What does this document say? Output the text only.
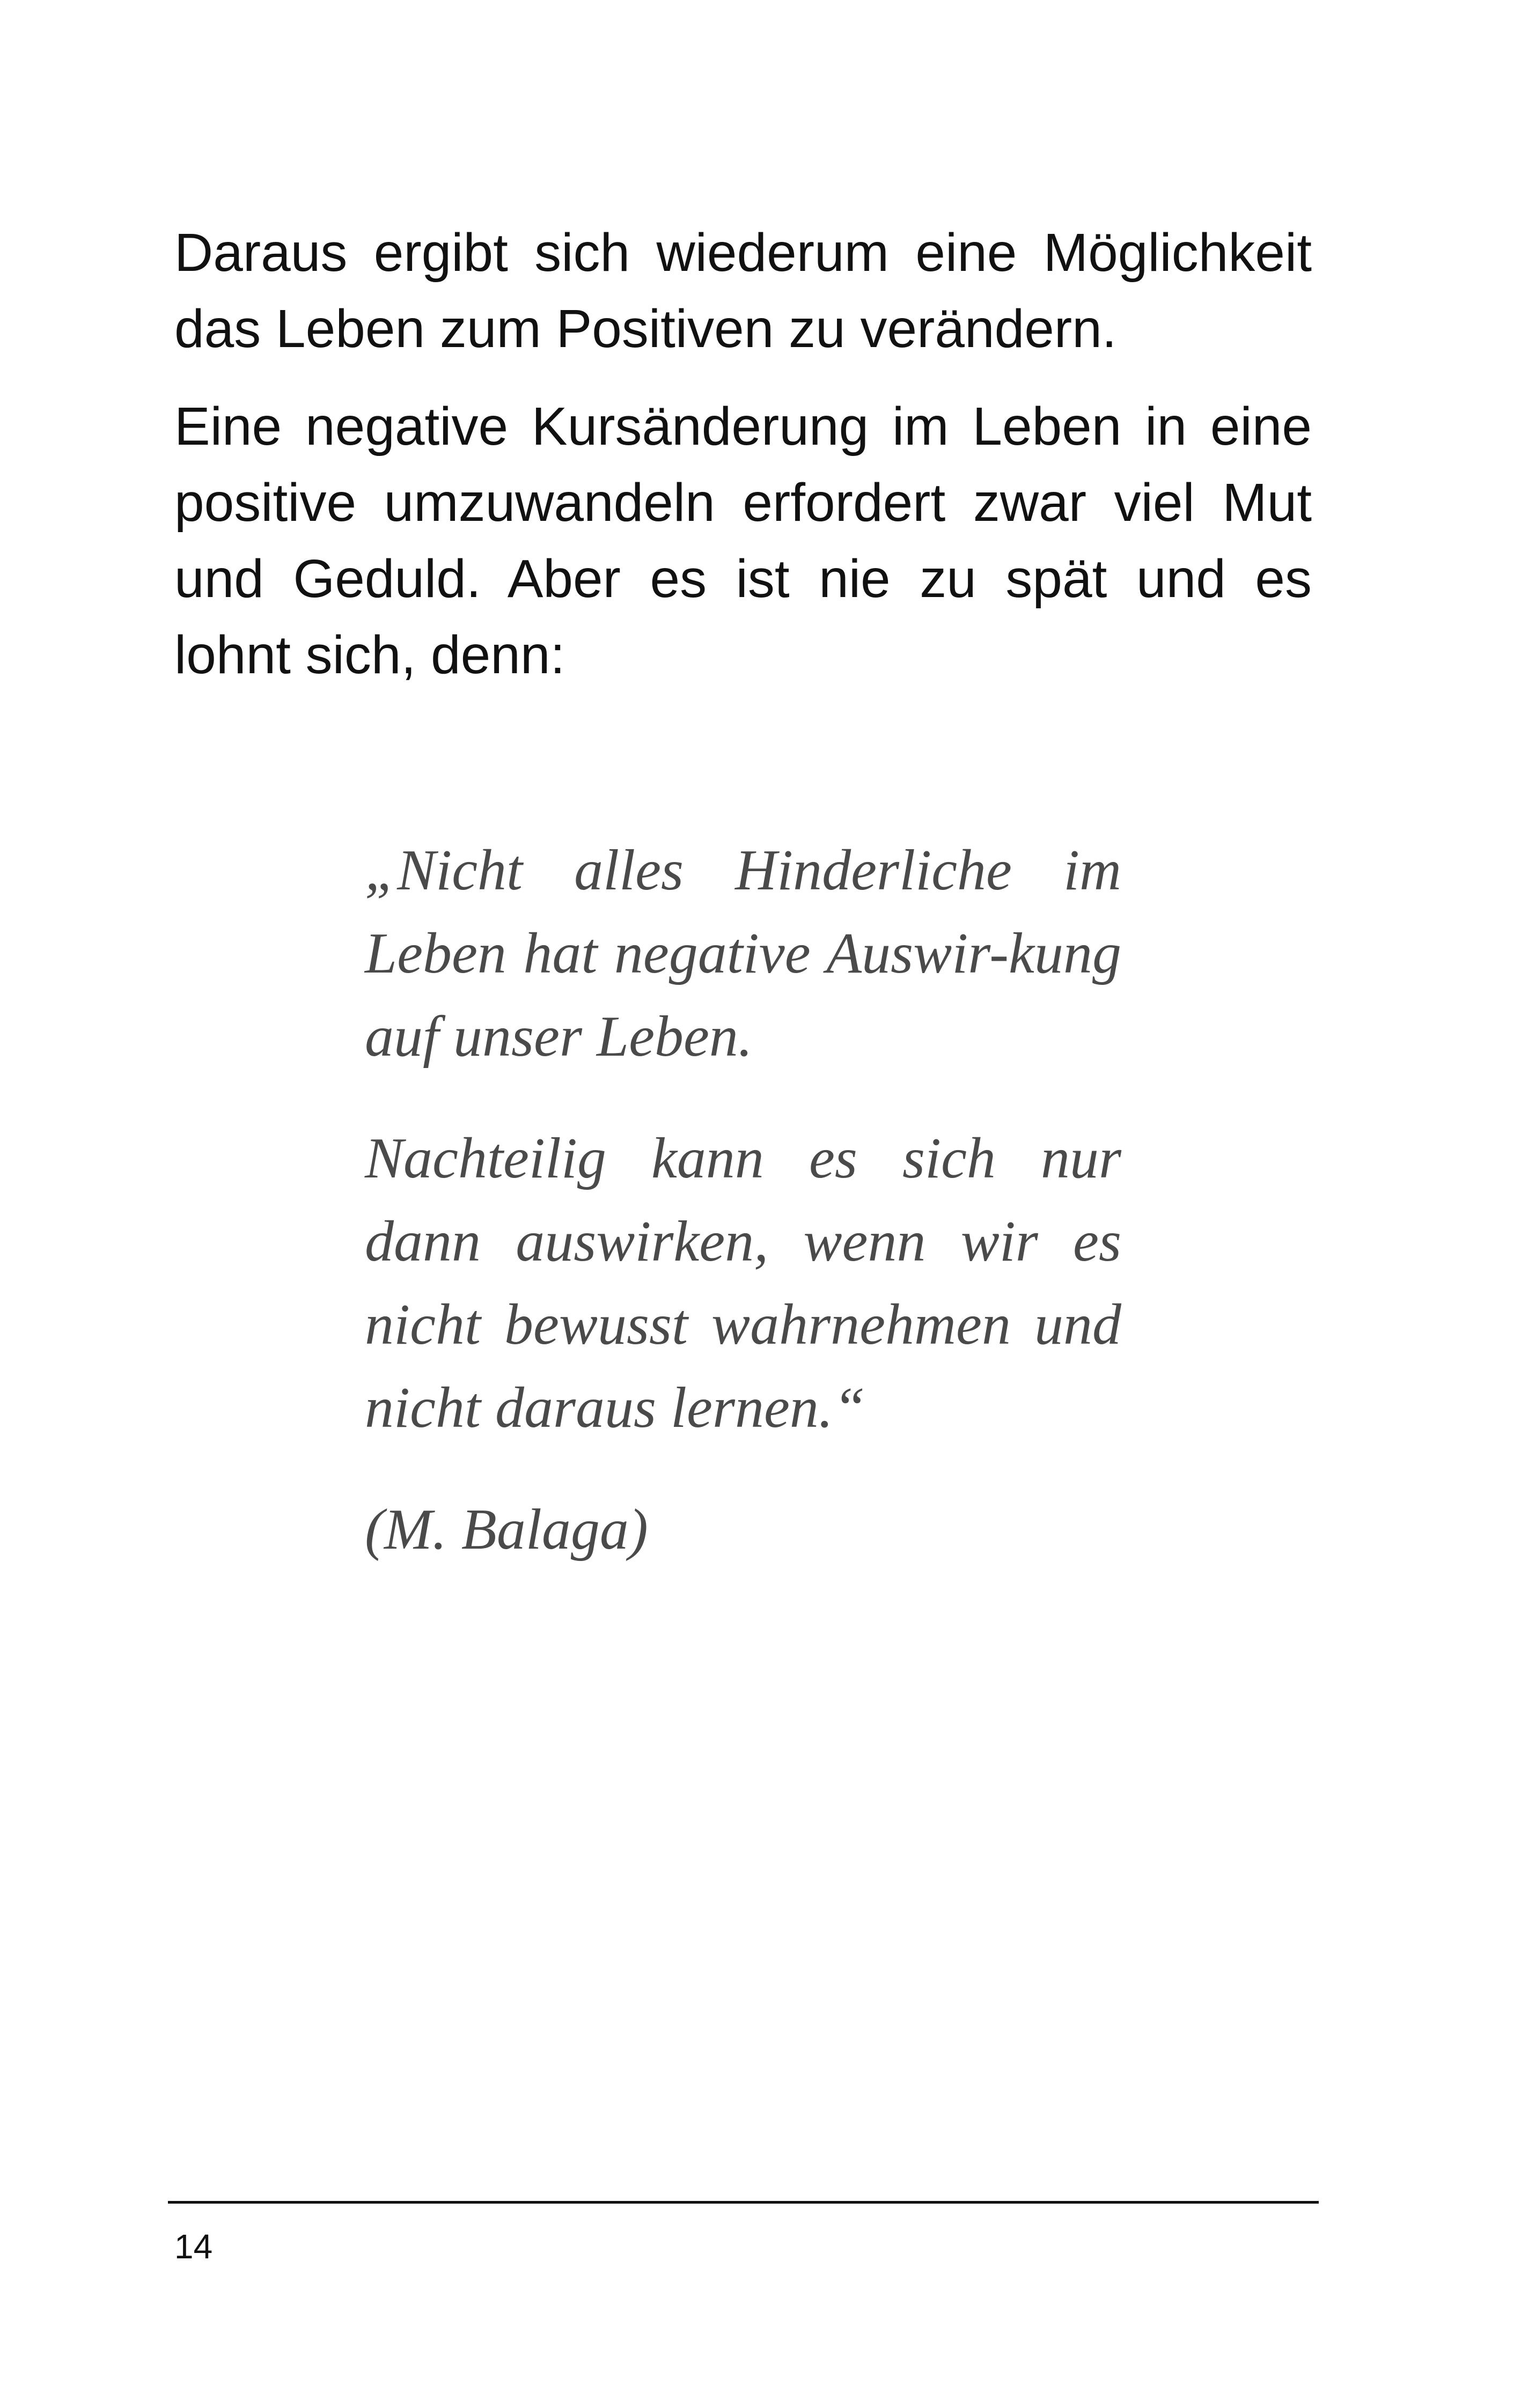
Daraus ergibt sich wiederum eine Möglichkeit das Leben zum Positiven zu verändern.

Eine negative Kursänderung im Leben in eine positive umzuwandeln erfordert zwar viel Mut und Geduld. Aber es ist nie zu spät und es lohnt sich, denn:

„Nicht alles Hinderliche im Leben hat negative Auswir-kung auf unser Leben.

Nachteilig kann es sich nur dann auswirken, wenn wir es nicht bewusst wahrnehmen und nicht daraus lernen.“

(M. Balaga)

14
